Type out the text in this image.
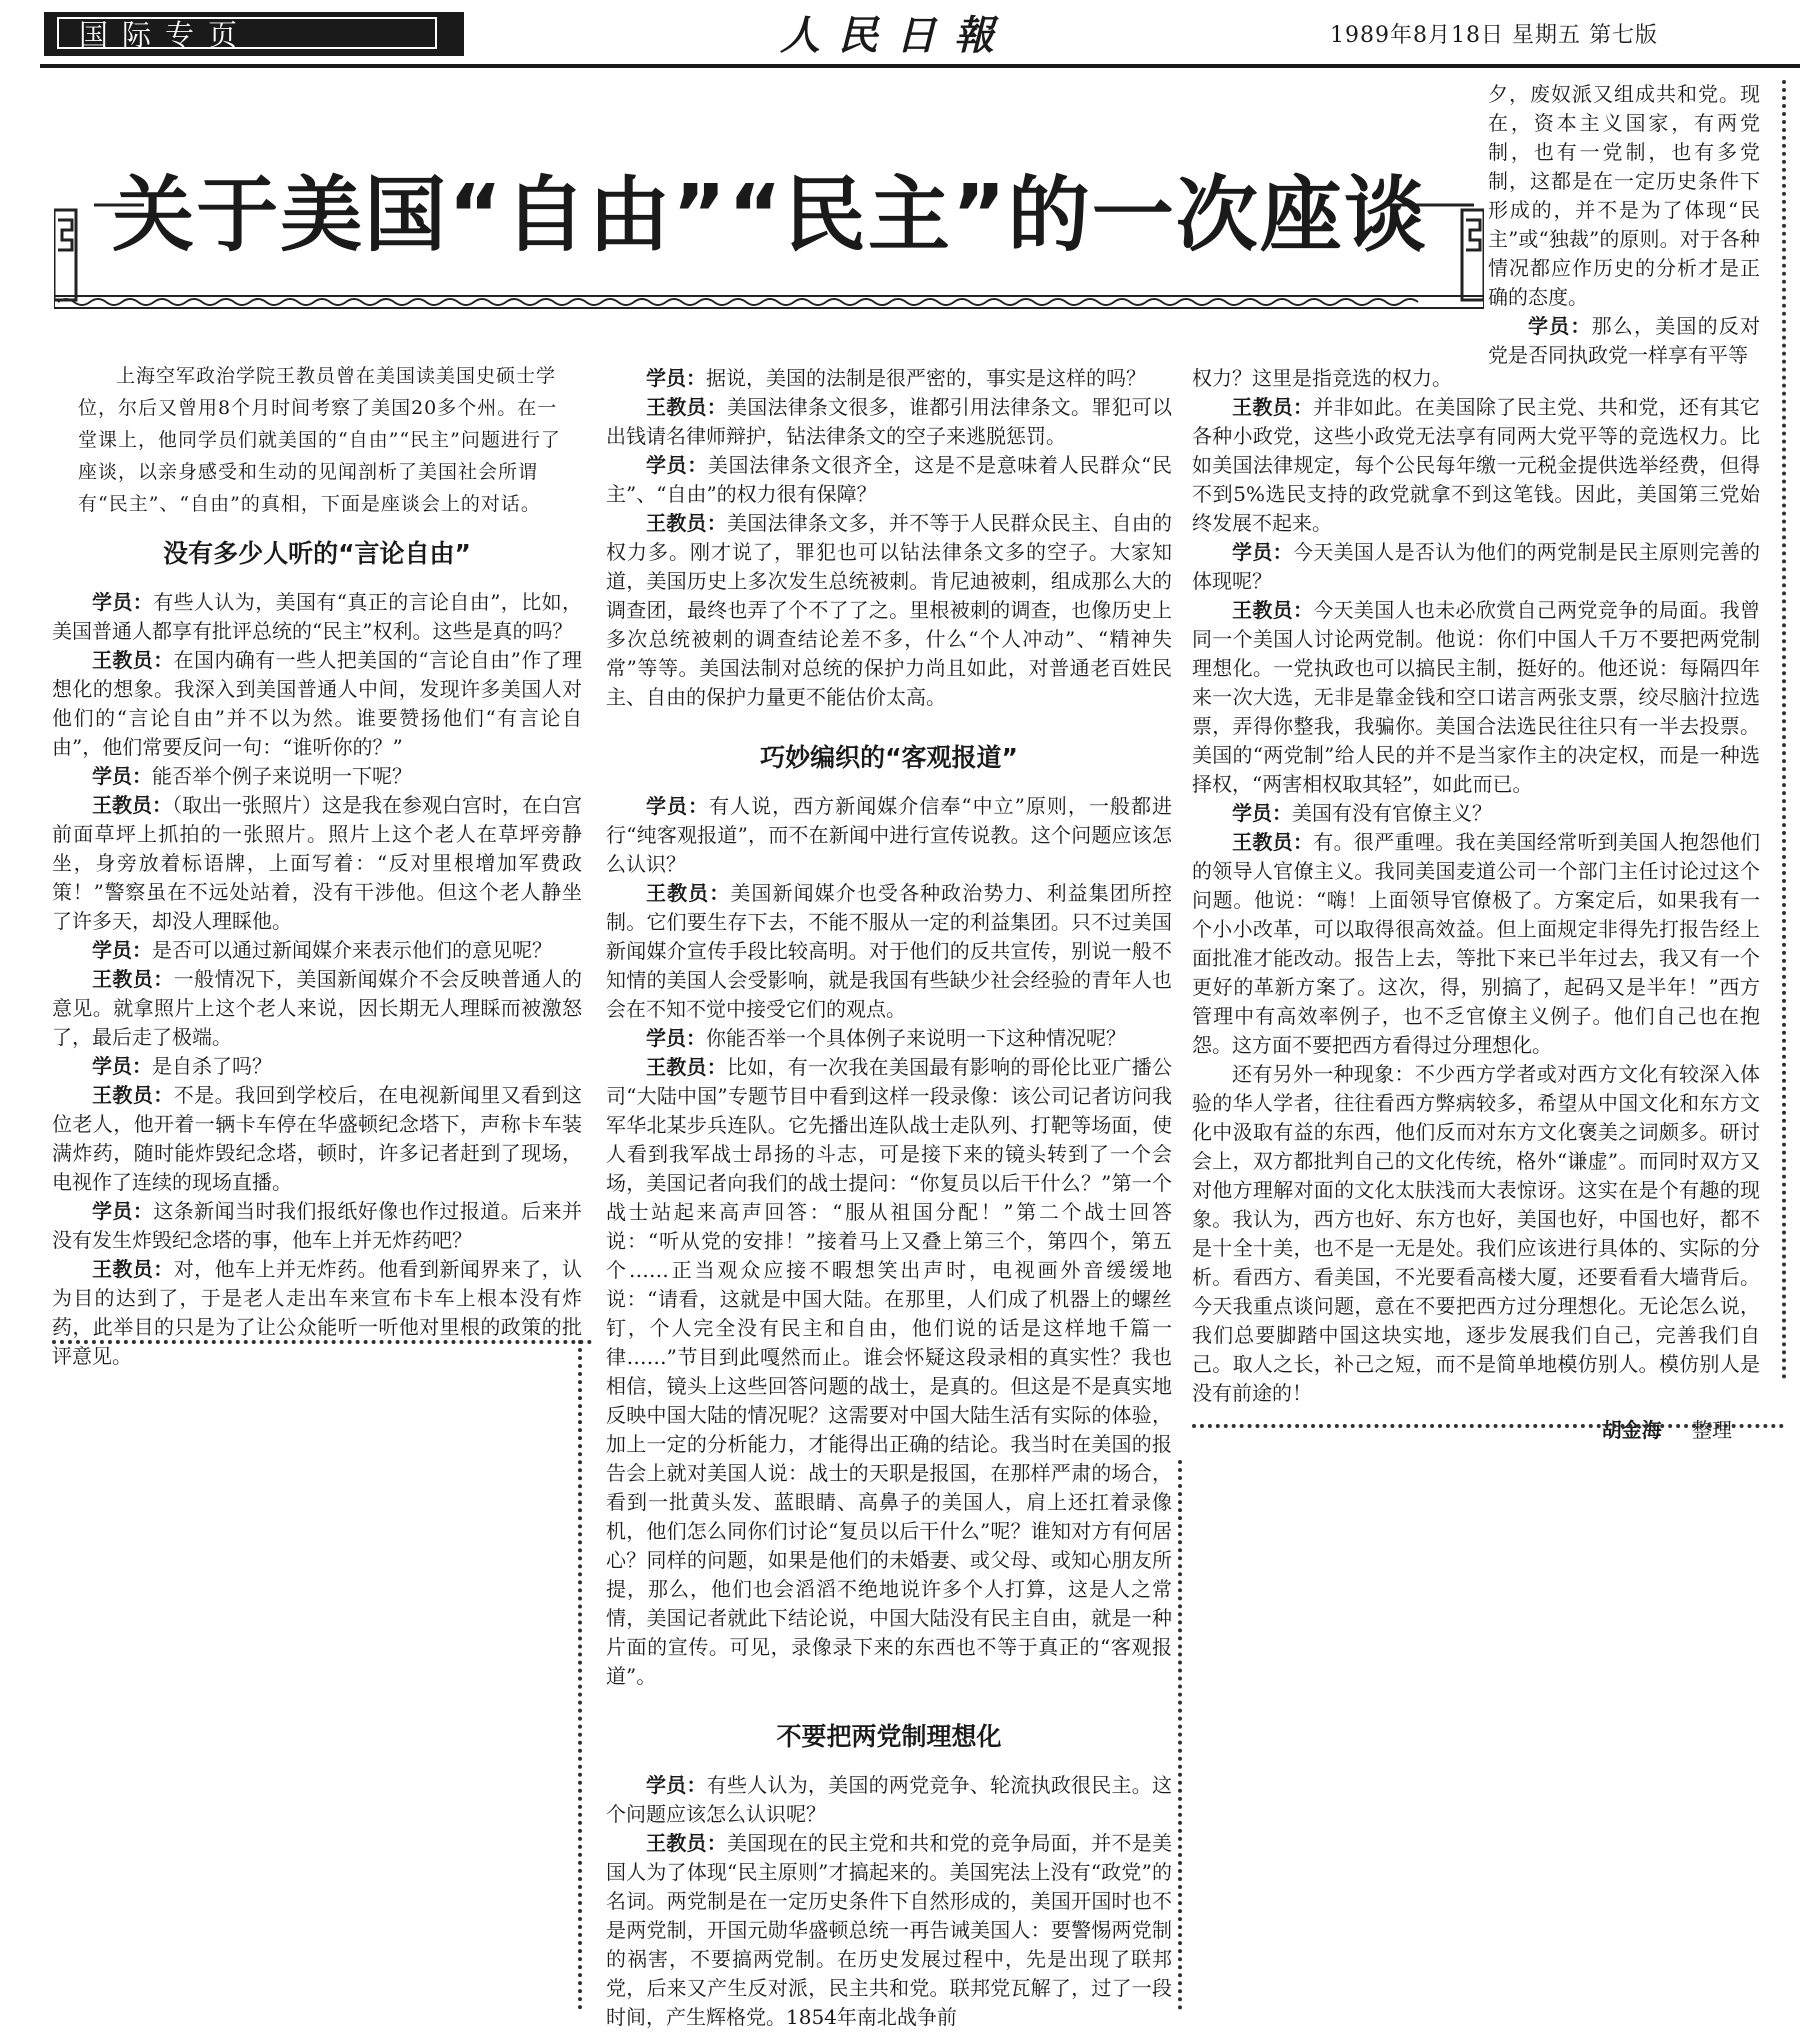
国际专页	人民日報	1989年8月18日 星期五 第七版
关于美国“自由”“民主”的一次座谈

上海空军政治学院王教员曾在美国读美国史硕士学位，尔后又曾用8个月时间考察了美国20多个州。在一堂课上，他同学员们就美国的“自由”“民主”问题进行了座谈，以亲身感受和生动的见闻剖析了美国社会所谓有“民主”、“自由”的真相，下面是座谈会上的对话。

没有多少人听的“言论自由”

学员：有些人认为，美国有“真正的言论自由”，比如，美国普通人都享有批评总统的“民主”权利。这些是真的吗？

王教员：在国内确有一些人把美国的“言论自由”作了理想化的想象。我深入到美国普通人中间，发现许多美国人对他们的“言论自由”并不以为然。谁要赞扬他们“有言论自由”，他们常要反问一句：“谁听你的？”

学员：能否举个例子来说明一下呢？

王教员：（取出一张照片）这是我在参观白宫时，在白宫前面草坪上抓拍的一张照片。照片上这个老人在草坪旁静坐，身旁放着标语牌，上面写着：“反对里根增加军费政策！”警察虽在不远处站着，没有干涉他。但这个老人静坐了许多天，却没人理睬他。

学员：是否可以通过新闻媒介来表示他们的意见呢？

王教员：一般情况下，美国新闻媒介不会反映普通人的意见。就拿照片上这个老人来说，因长期无人理睬而被激怒了，最后走了极端。

学员：是自杀了吗？

王教员：不是。我回到学校后，在电视新闻里又看到这位老人，他开着一辆卡车停在华盛顿纪念塔下，声称卡车装满炸药，随时能炸毁纪念塔，顿时，许多记者赶到了现场，电视作了连续的现场直播。

学员：这条新闻当时我们报纸好像也作过报道。后来并没有发生炸毁纪念塔的事，他车上并无炸药吧？

王教员：对，他车上并无炸药。他看到新闻界来了，认为目的达到了，于是老人走出车来宣布卡车上根本没有炸药，此举目的只是为了让公众能听一听他对里根的政策的批评意见。

学员：据说，美国的法制是很严密的，事实是这样的吗？

王教员：美国法律条文很多，谁都引用法律条文。罪犯可以出钱请名律师辩护，钻法律条文的空子来逃脱惩罚。

学员：美国法律条文很齐全，这是不是意味着人民群众“民主”、“自由”的权力很有保障？

王教员：美国法律条文多，并不等于人民群众民主、自由的权力多。刚才说了，罪犯也可以钻法律条文多的空子。大家知道，美国历史上多次发生总统被刺。肯尼迪被刺，组成那么大的调查团，最终也弄了个不了了之。里根被刺的调查，也像历史上多次总统被刺的调查结论差不多，什么“个人冲动”、“精神失常”等等。美国法制对总统的保护力尚且如此，对普通老百姓民主、自由的保护力量更不能估价太高。

巧妙编织的“客观报道”

学员：有人说，西方新闻媒介信奉“中立”原则，一般都进行“纯客观报道”，而不在新闻中进行宣传说教。这个问题应该怎么认识？

王教员：美国新闻媒介也受各种政治势力、利益集团所控制。它们要生存下去，不能不服从一定的利益集团。只不过美国新闻媒介宣传手段比较高明。对于他们的反共宣传，别说一般不知情的美国人会受影响，就是我国有些缺少社会经验的青年人也会在不知不觉中接受它们的观点。

学员：你能否举一个具体例子来说明一下这种情况呢？

王教员：比如，有一次我在美国最有影响的哥伦比亚广播公司“大陆中国”专题节目中看到这样一段录像：该公司记者访问我军华北某步兵连队。它先播出连队战士走队列、打靶等场面，使人看到我军战士昂扬的斗志，可是接下来的镜头转到了一个会场，美国记者向我们的战士提问：“你复员以后干什么？”第一个战士站起来高声回答：“服从祖国分配！”第二个战士回答说：“听从党的安排！”接着马上又叠上第三个，第四个，第五个……正当观众应接不暇想笑出声时，电视画外音缓缓地说：“请看，这就是中国大陆。在那里，人们成了机器上的螺丝钉，个人完全没有民主和自由，他们说的话是这样地千篇一律……”节目到此嘎然而止。谁会怀疑这段录相的真实性？我也相信，镜头上这些回答问题的战士，是真的。但这是不是真实地反映中国大陆的情况呢？这需要对中国大陆生活有实际的体验，加上一定的分析能力，才能得出正确的结论。我当时在美国的报告会上就对美国人说：战士的天职是报国，在那样严肃的场合，看到一批黄头发、蓝眼睛、高鼻子的美国人，肩上还扛着录像机，他们怎么同你们讨论“复员以后干什么”呢？谁知对方有何居心？同样的问题，如果是他们的未婚妻、或父母、或知心朋友所提，那么，他们也会滔滔不绝地说许多个人打算，这是人之常情，美国记者就此下结论说，中国大陆没有民主自由，就是一种片面的宣传。可见，录像录下来的东西也不等于真正的“客观报道”。

不要把两党制理想化

学员：有些人认为，美国的两党竞争、轮流执政很民主。这个问题应该怎么认识呢？

王教员：美国现在的民主党和共和党的竞争局面，并不是美国人为了体现“民主原则”才搞起来的。美国宪法上没有“政党”的名词。两党制是在一定历史条件下自然形成的，美国开国时也不是两党制，开国元勋华盛顿总统一再告诫美国人：要警惕两党制的祸害，不要搞两党制。在历史发展过程中，先是出现了联邦党，后来又产生反对派，民主共和党。联邦党瓦解了，过了一段时间，产生辉格党。1854年南北战争前

夕，废奴派又组成共和党。现在，资本主义国家，有两党制，也有一党制，也有多党制，这都是在一定历史条件下形成的，并不是为了体现“民主”或“独裁”的原则。对于各种情况都应作历史的分析才是正确的态度。

学员：那么，美国的反对党是否同执政党一样享有平等

权力？这里是指竞选的权力。

王教员：并非如此。在美国除了民主党、共和党，还有其它各种小政党，这些小政党无法享有同两大党平等的竞选权力。比如美国法律规定，每个公民每年缴一元税金提供选举经费，但得不到5%选民支持的政党就拿不到这笔钱。因此，美国第三党始终发展不起来。

学员：今天美国人是否认为他们的两党制是民主原则完善的体现呢？

王教员：今天美国人也未必欣赏自己两党竞争的局面。我曾同一个美国人讨论两党制。他说：你们中国人千万不要把两党制理想化。一党执政也可以搞民主制，挺好的。他还说：每隔四年来一次大选，无非是靠金钱和空口诺言两张支票，绞尽脑汁拉选票，弄得你整我，我骗你。美国合法选民往往只有一半去投票。美国的“两党制”给人民的并不是当家作主的决定权，而是一种选择权，“两害相权取其轻”，如此而已。

学员：美国有没有官僚主义？

王教员：有。很严重哩。我在美国经常听到美国人抱怨他们的领导人官僚主义。我同美国麦道公司一个部门主任讨论过这个问题。他说：“嗨！上面领导官僚极了。方案定后，如果我有一个小小改革，可以取得很高效益。但上面规定非得先打报告经上面批准才能改动。报告上去，等批下来已半年过去，我又有一个更好的革新方案了。这次，得，别搞了，起码又是半年！”西方管理中有高效率例子，也不乏官僚主义例子。他们自己也在抱怨。这方面不要把西方看得过分理想化。

还有另外一种现象：不少西方学者或对西方文化有较深入体验的华人学者，往往看西方弊病较多，希望从中国文化和东方文化中汲取有益的东西，他们反而对东方文化褒美之词颇多。研讨会上，双方都批判自己的文化传统，格外“谦虚”。而同时双方又对他方理解对面的文化太肤浅而大表惊讶。这实在是个有趣的现象。我认为，西方也好、东方也好，美国也好，中国也好，都不是十全十美，也不是一无是处。我们应该进行具体的、实际的分析。看西方、看美国，不光要看高楼大厦，还要看看大墙背后。今天我重点谈问题，意在不要把西方过分理想化。无论怎么说，我们总要脚踏中国这块实地，逐步发展我们自己，完善我们自己。取人之长，补己之短，而不是简单地模仿别人。模仿别人是没有前途的！

胡金海 整理
